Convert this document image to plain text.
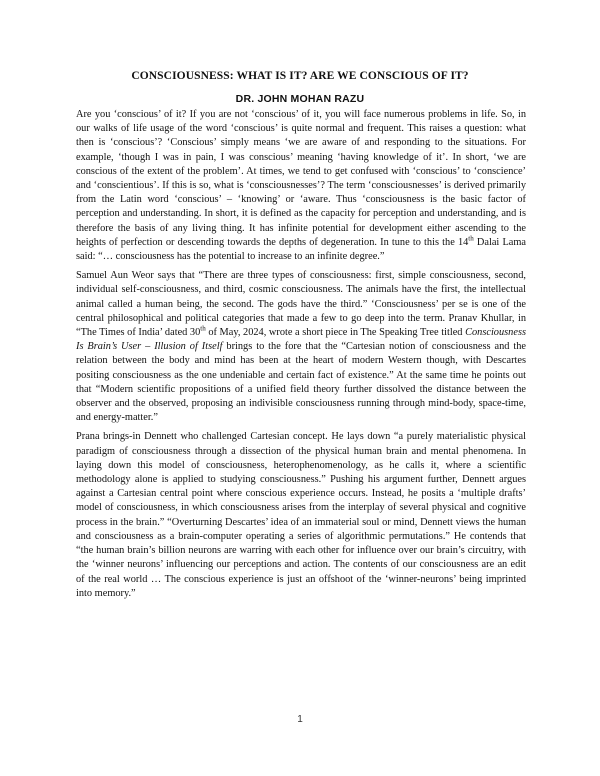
CONSCIOUSNESS: WHAT IS IT? ARE WE CONSCIOUS OF IT?
DR. JOHN MOHAN RAZU

Are you ‘conscious’ of it? If you are not ‘conscious’ of it, you will face numerous problems in life. So, in our walks of life usage of the word ‘conscious’ is quite normal and frequent. This raises a question: what then is ‘conscious’? ‘Conscious’ simply means ‘we are aware of and responding to the situations. For example, ‘though I was in pain, I was conscious’ meaning ‘having knowledge of it’. In short, ‘we are conscious of the extent of the problem’. At times, we tend to get confused with ‘conscious’ to ‘conscience’ and ‘conscientious’. If this is so, what is ‘consciousnesses’? The term ‘consciousnesses’ is derived primarily from the Latin word ‘conscious’ – ‘knowing’ or ‘aware. Thus ‘consciousness is the basic factor of perception and understanding. In short, it is defined as the capacity for perception and understanding, and is therefore the basis of any living thing. It has infinite potential for development either ascending to the heights of perfection or descending towards the depths of degeneration. In tune to this the 14th Dalai Lama said: “… consciousness has the potential to increase to an infinite degree.”

Samuel Aun Weor says that “There are three types of consciousness: first, simple consciousness, second, individual self-consciousness, and third, cosmic consciousness. The animals have the first, the intellectual animal called a human being, the second. The gods have the third.” ‘Consciousness’ per se is one of the central philosophical and political categories that made a few to go deep into the term. Pranav Khullar, in “The Times of India’ dated 30th of May, 2024, wrote a short piece in The Speaking Tree titled Consciousness Is Brain’s User – Illusion of Itself brings to the fore that the “Cartesian notion of consciousness and the relation between the body and mind has been at the heart of modern Western though, with Descartes positing consciousness as the one undeniable and certain fact of existence.” At the same time he points out that “Modern scientific propositions of a unified field theory further dissolved the distance between the observer and the observed, proposing an indivisible consciousness running through mind-body, space-time, and energy-matter.”

Prana brings-in Dennett who challenged Cartesian concept. He lays down “a purely materialistic physical paradigm of consciousness through a dissection of the physical human brain and mental phenomena. In laying down this model of consciousness, heterophenomenology, as he calls it, where a scientific methodology alone is applied to studying consciousness.” Pushing his argument further, Dennett argues against a Cartesian central point where conscious experience occurs. Instead, he posits a ‘multiple drafts’ model of consciousness, in which consciousness arises from the interplay of several physical and cognitive process in the brain.” “Overturning Descartes’ idea of an immaterial soul or mind, Dennett views the human and consciousness as a brain-computer operating a series of algorithmic permutations.” He contends that “the human brain’s billion neurons are warring with each other for influence over our brain’s circuitry, with the ‘winner neurons’ influencing our perceptions and action. The contents of our consciousness are an edit of the real world … The conscious experience is just an offshoot of the ‘winner-neurons’ being imprinted into memory.”

1
